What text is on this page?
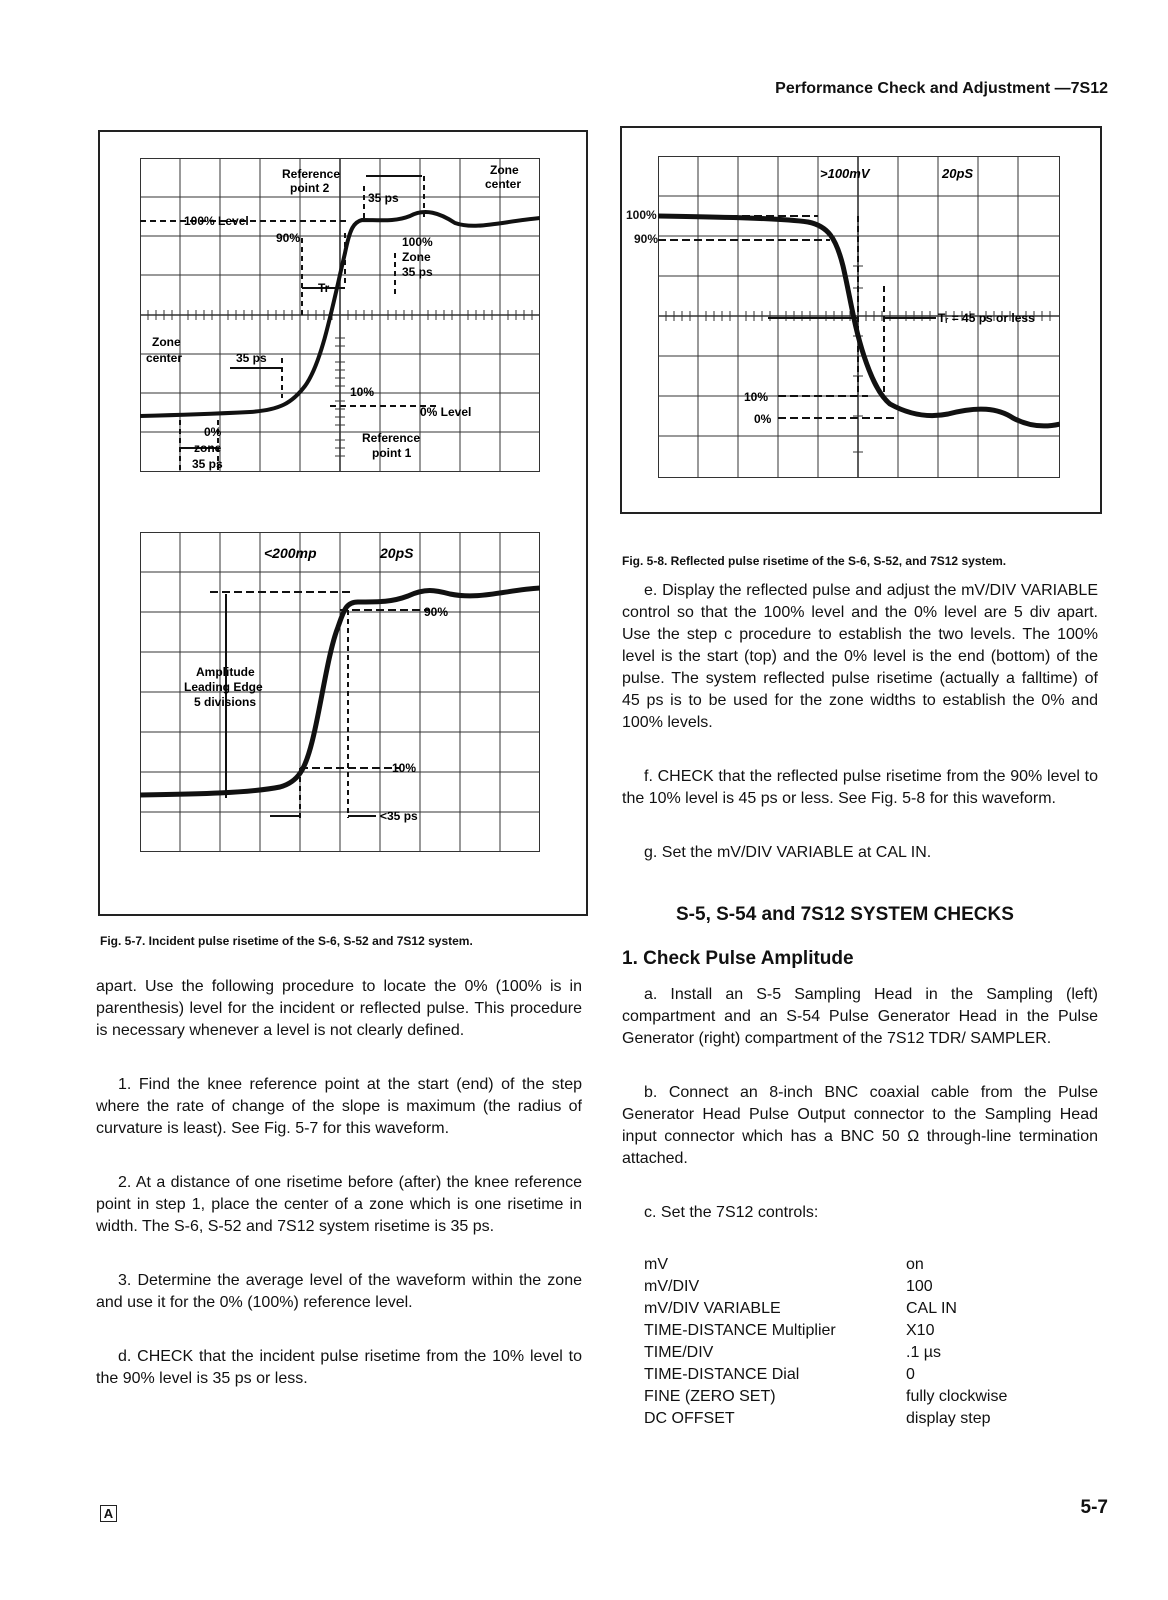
Performance Check and Adjustment —7S12
Reference
point 2
Zone
center
35 ps
100% Level
90%	100%
Zone
35 ps
Tr
Zone
center	35 ps
10%
0% Level
0%
zone
35 ps
Reference
point 1
<200mp	20pS
90%
Amplitude
Leading Edge
5 divisions
10%
<35 ps
Fig. 5-7. Incident pulse risetime of the S-6, S-52 and 7S12 system.
>100mV	20pS
Tᵣ = 45 ps or less
10%
0%
100%
90%
Fig. 5-8. Reflected pulse risetime of the S-6, S-52, and 7S12 system.

apart. Use the following procedure to locate the 0% (100% is in parenthesis) level for the incident or reflected pulse. This procedure is necessary whenever a level is not clearly defined.

1. Find the knee reference point at the start (end) of the step where the rate of change of the slope is maximum (the radius of curvature is least). See Fig. 5-7 for this waveform.

2. At a distance of one risetime before (after) the knee reference point in step 1, place the center of a zone which is one risetime in width. The S-6, S-52 and 7S12 system risetime is 35 ps.

3. Determine the average level of the waveform within the zone and use it for the 0% (100%) reference level.

d. CHECK that the incident pulse risetime from the 10% level to the 90% level is 35 ps or less.

e. Display the reflected pulse and adjust the mV/DIV VARIABLE control so that the 100% level and the 0% level are 5 div apart. Use the step c procedure to establish the two levels. The 100% level is the start (top) and the 0% level is the end (bottom) of the pulse. The system reflected pulse risetime (actually a falltime) of 45 ps is to be used for the zone widths to establish the 0% and 100% levels.

f. CHECK that the reflected pulse risetime from the 90% level to the 10% level is 45 ps or less. See Fig. 5-8 for this waveform.

g. Set the mV/DIV VARIABLE at CAL IN.

S-5, S-54 and 7S12 SYSTEM CHECKS
1. Check Pulse Amplitude

a. Install an S-5 Sampling Head in the Sampling (left) compartment and an S-54 Pulse Generator Head in the Pulse Generator (right) compartment of the 7S12 TDR/ SAMPLER.

b. Connect an 8-inch BNC coaxial cable from the Pulse Generator Head Pulse Output connector to the Sampling Head input connector which has a BNC 50 Ω through-line termination attached.

c. Set the 7S12 controls:

mV	on
mV/DIV	100
mV/DIV VARIABLE	CAL IN
TIME-DISTANCE Multiplier	X10
TIME/DIV	.1 µs
TIME-DISTANCE Dial	0
FINE (ZERO SET)	fully clockwise
DC OFFSET	display step
A	5-7
